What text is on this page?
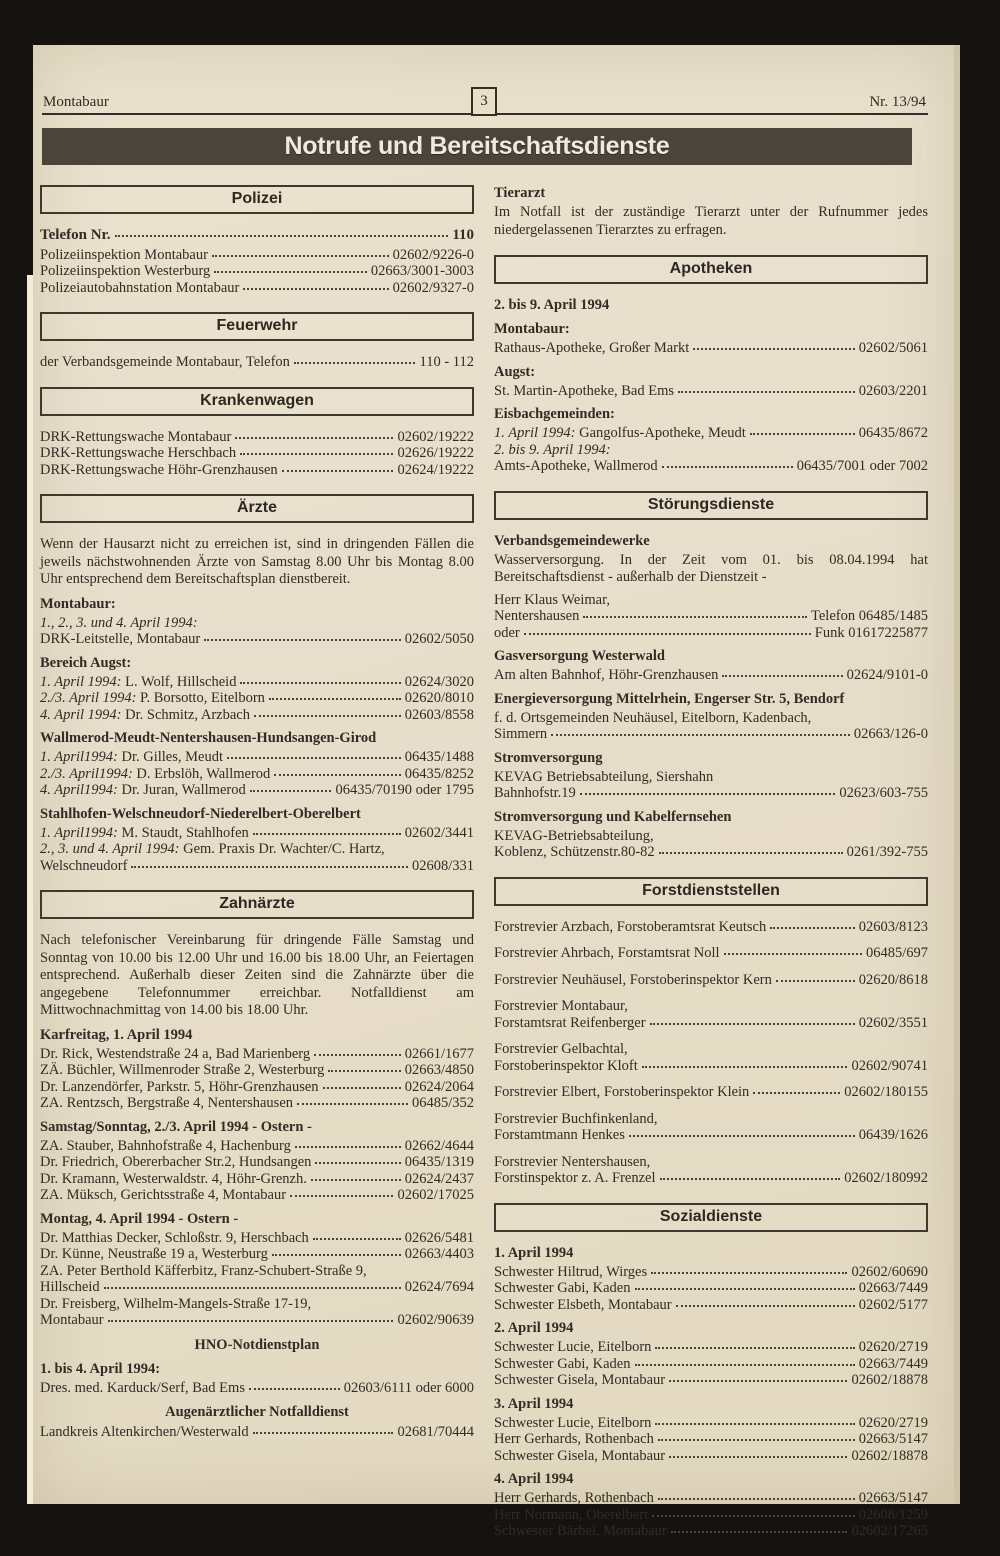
Montabaur	3	Nr. 13/94
Notrufe und Bereitschaftsdienste
Polizei
Telefon Nr.	110
Polizeiinspektion Montabaur	02602/9226-0
Polizeiinspektion Westerburg	02663/3001-3003
Polizeiautobahnstation Montabaur	02602/9327-0
Feuerwehr
der Verbandsgemeinde Montabaur, Telefon	110 - 112
Krankenwagen
DRK-Rettungswache Montabaur	02602/19222
DRK-Rettungswache Herschbach	02626/19222
DRK-Rettungswache Höhr-Grenzhausen	02624/19222
Ärzte
Wenn der Hausarzt nicht zu erreichen ist, sind in dringenden Fällen die jeweils nächstwohnenden Ärzte von Samstag 8.00 Uhr bis Montag 8.00 Uhr entsprechend dem Bereitschaftsplan dienstbereit.
Montabaur:
1., 2., 3. und 4. April 1994:
DRK-Leitstelle, Montabaur	02602/5050
Bereich Augst:
1. April 1994: L. Wolf, Hillscheid	02624/3020
2./3. April 1994: P. Borsotto, Eitelborn	02620/8010
4. April 1994: Dr. Schmitz, Arzbach	02603/8558
Wallmerod-Meudt-Nentershausen-Hundsangen-Girod
1. April1994: Dr. Gilles, Meudt	06435/1488
2./3. April1994: D. Erbslöh, Wallmerod	06435/8252
4. April1994: Dr. Juran, Wallmerod	06435/70190 oder 1795
Stahlhofen-Welschneudorf-Niederelbert-Oberelbert
1. April1994: M. Staudt, Stahlhofen	02602/3441
2., 3. und 4. April 1994: Gem. Praxis Dr. Wachter/C. Hartz,
Welschneudorf	02608/331
Zahnärzte
Nach telefonischer Vereinbarung für dringende Fälle Samstag und Sonntag von 10.00 bis 12.00 Uhr und 16.00 bis 18.00 Uhr, an Feiertagen entsprechend. Außerhalb dieser Zeiten sind die Zahnärzte über die angegebene Telefonnummer erreichbar. Notfalldienst am Mittwochnachmittag von 14.00 bis 18.00 Uhr.
Karfreitag, 1. April 1994
Dr. Rick, Westendstraße 24 a, Bad Marienberg	02661/1677
ZÄ. Büchler, Willmenroder Straße 2, Westerburg	02663/4850
Dr. Lanzendörfer, Parkstr. 5, Höhr-Grenzhausen	02624/2064
ZA. Rentzsch, Bergstraße 4, Nentershausen	06485/352
Samstag/Sonntag, 2./3. April 1994 - Ostern -
ZA. Stauber, Bahnhofstraße 4, Hachenburg	02662/4644
Dr. Friedrich, Obererbacher Str.2, Hundsangen	06435/1319
Dr. Kramann, Westerwaldstr. 4, Höhr-Grenzh.	02624/2437
ZA. Müksch, Gerichtsstraße 4, Montabaur	02602/17025
Montag, 4. April 1994 - Ostern -
Dr. Matthias Decker, Schloßstr. 9, Herschbach	02626/5481
Dr. Künne, Neustraße 19 a, Westerburg	02663/4403
ZA. Peter Berthold Käfferbitz, Franz-Schubert-Straße 9,
Hillscheid	02624/7694
Dr. Freisberg, Wilhelm-Mangels-Straße 17-19,
Montabaur	02602/90639
HNO-Notdienstplan
1. bis 4. April 1994:
Dres. med. Karduck/Serf, Bad Ems	02603/6111 oder 6000
Augenärztlicher Notfalldienst
Landkreis Altenkirchen/Westerwald	02681/70444
Tierarzt
Im Notfall ist der zuständige Tierarzt unter der Rufnummer jedes niedergelassenen Tierarztes zu erfragen.
Apotheken
2. bis 9. April 1994
Montabaur:
Rathaus-Apotheke, Großer Markt	02602/5061
Augst:
St. Martin-Apotheke, Bad Ems	02603/2201
Eisbachgemeinden:
1. April 1994: Gangolfus-Apotheke, Meudt	06435/8672
2. bis 9. April 1994:
Amts-Apotheke, Wallmerod	06435/7001 oder 7002
Störungsdienste
Verbandsgemeindewerke
Wasserversorgung. In der Zeit vom 01. bis 08.04.1994 hat Bereitschaftsdienst - außerhalb der Dienstzeit -
Herr Klaus Weimar,
Nentershausen	Telefon 06485/1485
oder	Funk 01617225877
Gasversorgung Westerwald
Am alten Bahnhof, Höhr-Grenzhausen	02624/9101-0
Energieversorgung Mittelrhein, Engerser Str. 5, Bendorf
f. d. Ortsgemeinden Neuhäusel, Eitelborn, Kadenbach,
Simmern	02663/126-0
Stromversorgung
KEVAG Betriebsabteilung, Siershahn
Bahnhofstr.19	02623/603-755
Stromversorgung und Kabelfernsehen
KEVAG-Betriebsabteilung,
Koblenz, Schützenstr.80-82	0261/392-755
Forstdienststellen
Forstrevier Arzbach, Forstoberamtsrat Keutsch	02603/8123
Forstrevier Ahrbach, Forstamtsrat Noll	06485/697
Forstrevier Neuhäusel, Forstoberinspektor Kern	02620/8618
Forstrevier Montabaur,
Forstamtsrat Reifenberger	02602/3551
Forstrevier Gelbachtal,
Forstoberinspektor Kloft	02602/90741
Forstrevier Elbert, Forstoberinspektor Klein	02602/180155
Forstrevier Buchfinkenland,
Forstamtmann Henkes	06439/1626
Forstrevier Nentershausen,
Forstinspektor z. A. Frenzel	02602/180992
Sozialdienste
1. April 1994
Schwester Hiltrud, Wirges	02602/60690
Schwester Gabi, Kaden	02663/7449
Schwester Elsbeth, Montabaur	02602/5177
2. April 1994
Schwester Lucie, Eitelborn	02620/2719
Schwester Gabi, Kaden	02663/7449
Schwester Gisela, Montabaur	02602/18878
3. April 1994
Schwester Lucie, Eitelborn	02620/2719
Herr Gerhards, Rothenbach	02663/5147
Schwester Gisela, Montabaur	02602/18878
4. April 1994
Herr Gerhards, Rothenbach	02663/5147
Herr Normann, Oberelbert	02608/1259
Schwester Bärbel, Montabaur	02602/17265
